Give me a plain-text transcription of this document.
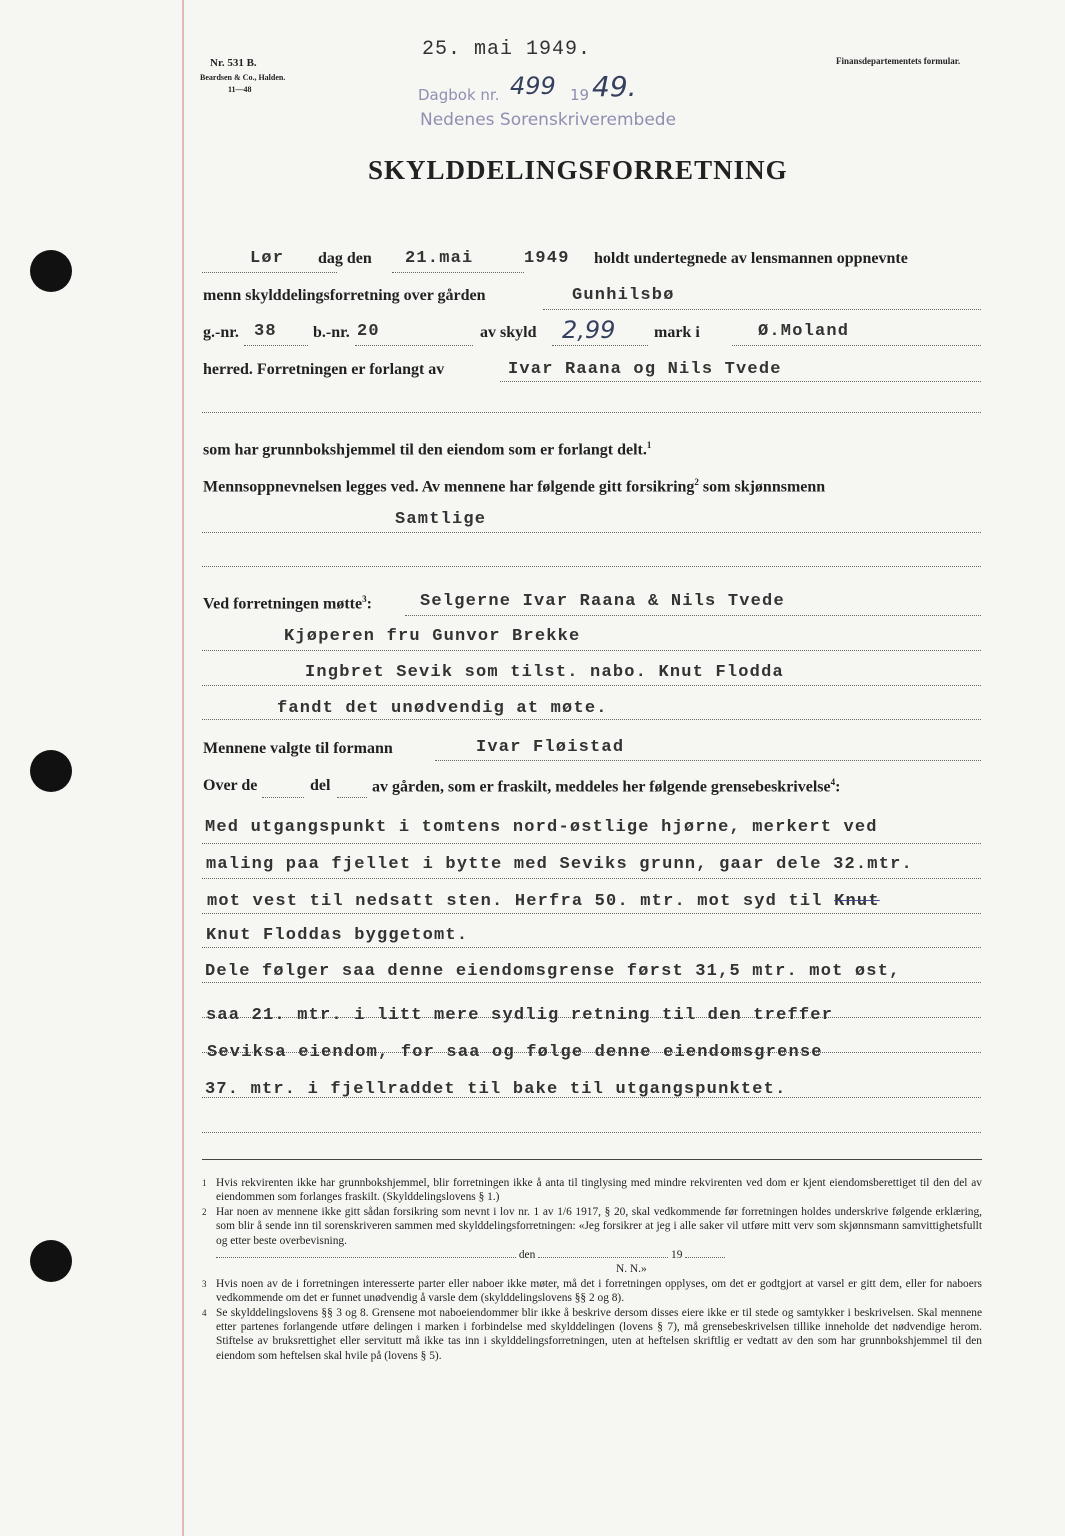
Nr. 531 B.
Beardsen & Co., Halden.
11—48
25. mai 1949.
Dagbok nr. 499 19 49.
Nedenes Sorenskriverembede
Finansdepartementets formular.
SKYLDDELINGSFORRETNING
Lør dag den 21.mai	1949 holdt undertegnede av lensmannen oppnevnte
menn skylddelingsforretning over gården	Gunhilsbø
g.-nr. 38 b.-nr. 20	av skyld 2,99 mark i	Ø.Moland
herred. Forretningen er forlangt av	Ivar Raana og Nils Tvede
som har grunnbokshjemmel til den eiendom som er forlangt delt.$^1$
Mennsoppnevnelsen legges ved. Av mennene har følgende gitt forsikring$^2$ som skjønnsmenn
Samtlige
Ved forretningen møtte$^3$:	Selgerne Ivar Raana & Nils Tvede
Kjøperen fru Gunvor Brekke
Ingbret Sevik som tilst. nabo. Knut Flodda
fandt det unødvendig at møte.
Mennene valgte til formann	Ivar Fløistad
Over de	del	av gården, som er fraskilt, meddeles her følgende grensebeskrivelse$^4$:
Med utgangspunkt i tomtens nord-østlige hjørne, merkert ved
maling paa fjellet i bytte med Seviks grunn, gaar dele 32.mtr.
mot vest til nedsatt sten. Herfra 50. mtr. mot syd til Knut
Knut Floddas byggetomt.
Dele følger saa denne eiendomsgrense først 31,5 mtr. mot øst,
saa 21. mtr. i litt mere sydlig retning til den treffer
Seviksa eiendom, for saa og følge denne eiendomsgrense
37. mtr. i fjellraddet til bake til utgangspunktet.
1 Hvis rekvirenten ikke har grunnbokshjemmel, blir forretningen ikke å anta til tinglysing med mindre rekvirenten ved dom er kjent eiendomsberettiget til den del av eiendommen som forlanges fraskilt. (Skylddelingslovens § 1.)
2 Har noen av mennene ikke gitt sådan forsikring som nevnt i lov nr. 1 av 1/6 1917, § 20, skal vedkommende før forretningen holdes underskrive følgende erklæring, som blir å sende inn til sorenskriveren sammen med skylddelingsforretningen: «Jeg forsikrer at jeg i alle saker vil utføre mitt verv som skjønnsmann samvittighetsfullt og etter beste overbevisning.
den	19
N. N.»
3 Hvis noen av de i forretningen interesserte parter eller naboer ikke møter, må det i forretningen opplyses, om det er godtgjort at varsel er gitt dem, eller for naboers vedkommende om det er funnet unødvendig å varsle dem (skylddelingslovens §§ 2 og 8).
4 Se skylddelingslovens §§ 3 og 8. Grensene mot naboeiendommer blir ikke å beskrive dersom disses eiere ikke er til stede og samtykker i beskrivelsen. Skal mennene etter partenes forlangende utføre delingen i marken i forbindelse med skylddelingen (lovens § 7), må grensebeskrivelsen tillike inneholde det nødvendige herom. Stiftelse av bruksrettighet eller servitutt må ikke tas inn i skylddelingsforretningen, uten at heftelsen skriftlig er vedtatt av den som har grunnbokshjemmel til den eiendom som heftelsen skal hvile på (lovens § 5).
